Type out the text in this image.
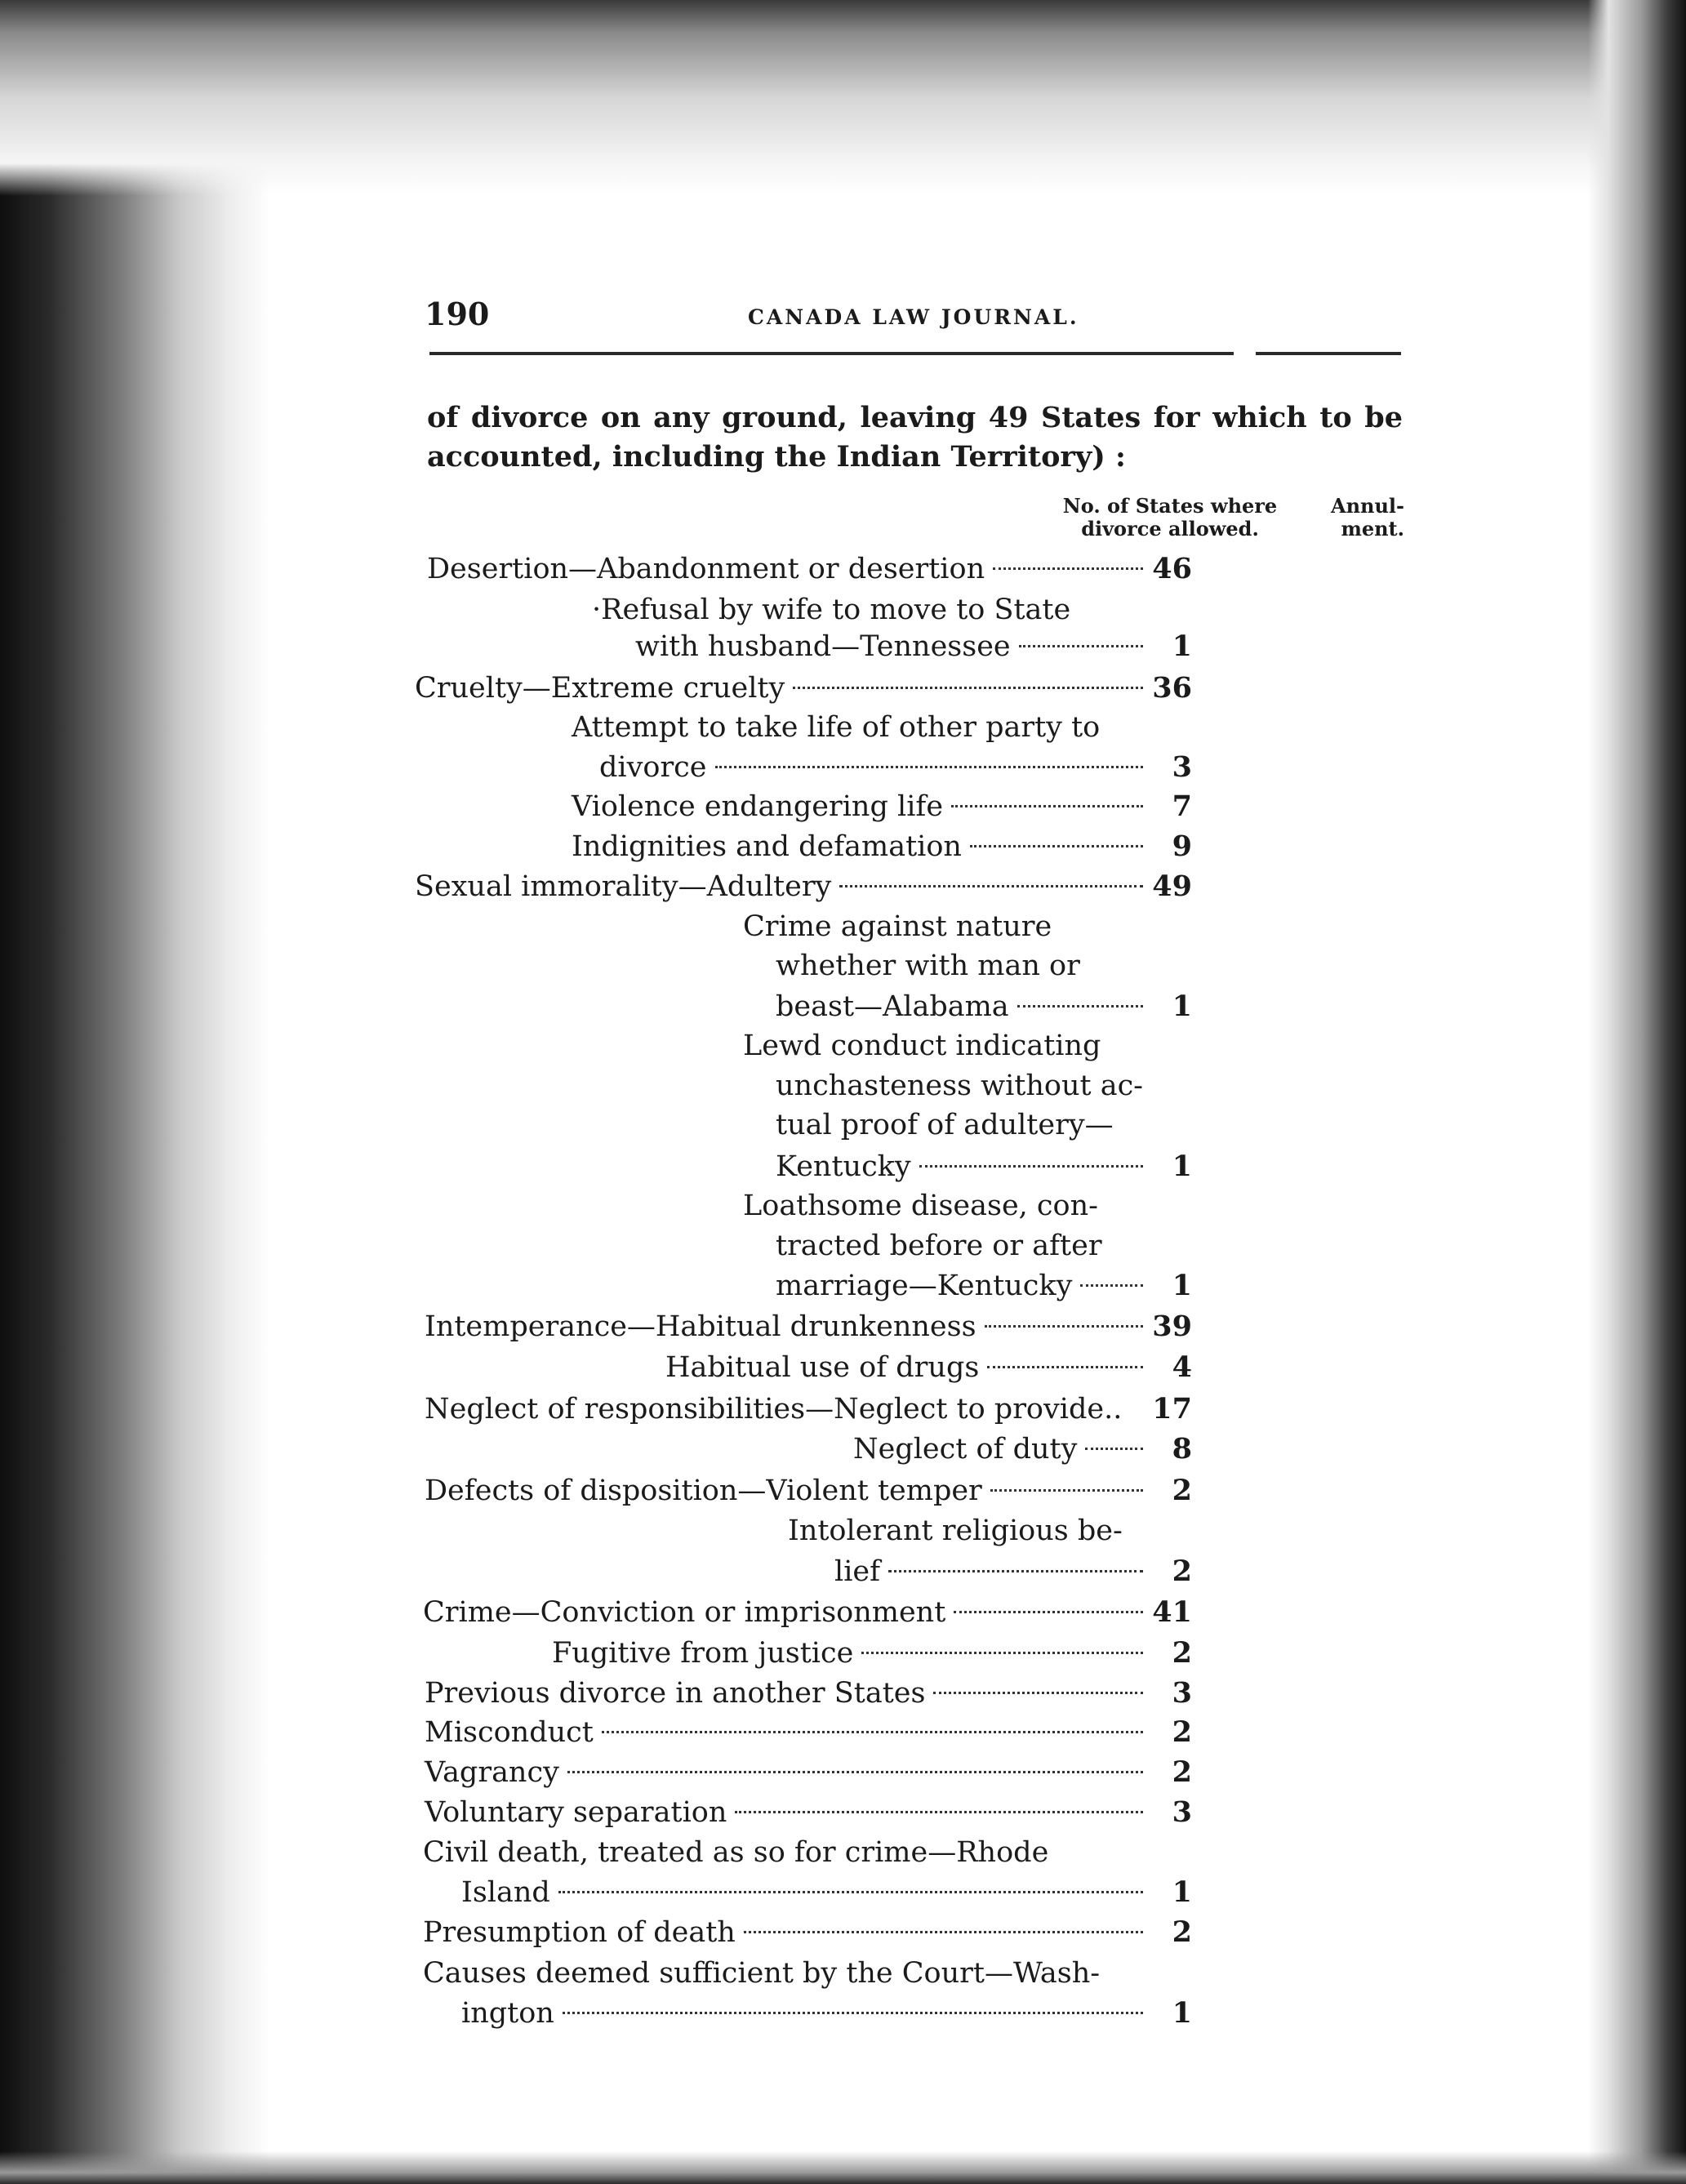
190	CANADA LAW JOURNAL.
of divorce on any ground, leaving 49 States for which to be
accounted, including the Indian Territory) :
No. of States where divorce allowed.
Annul- ment.
Desertion—Abandonment or desertion	46
·Refusal by wife to move to State
with husband—Tennessee	1
Cruelty—Extreme cruelty	36
Attempt to take life of other party to
divorce	3
Violence endangering life	7
Indignities and defamation	9
Sexual immorality—Adultery	49
Crime against nature
whether with man or
beast—Alabama	1
Lewd conduct indicating
unchasteness without ac-
tual proof of adultery—
Kentucky	1
Loathsome disease, con-
tracted before or after
marriage—Kentucky	1
Intemperance—Habitual drunkenness	39
Habitual use of drugs	4
Neglect of responsibilities—Neglect to provide.. 17
Neglect of duty	8
Defects of disposition—Violent temper	2
Intolerant religious be-
lief	2
Crime—Conviction or imprisonment	41
Fugitive from justice	2
Previous divorce in another States	3
Misconduct	2
Vagrancy	2
Voluntary separation	3
Civil death, treated as so for crime—Rhode
Island	1
Presumption of death	2
Causes deemed sufficient by the Court—Wash-
ington	1
